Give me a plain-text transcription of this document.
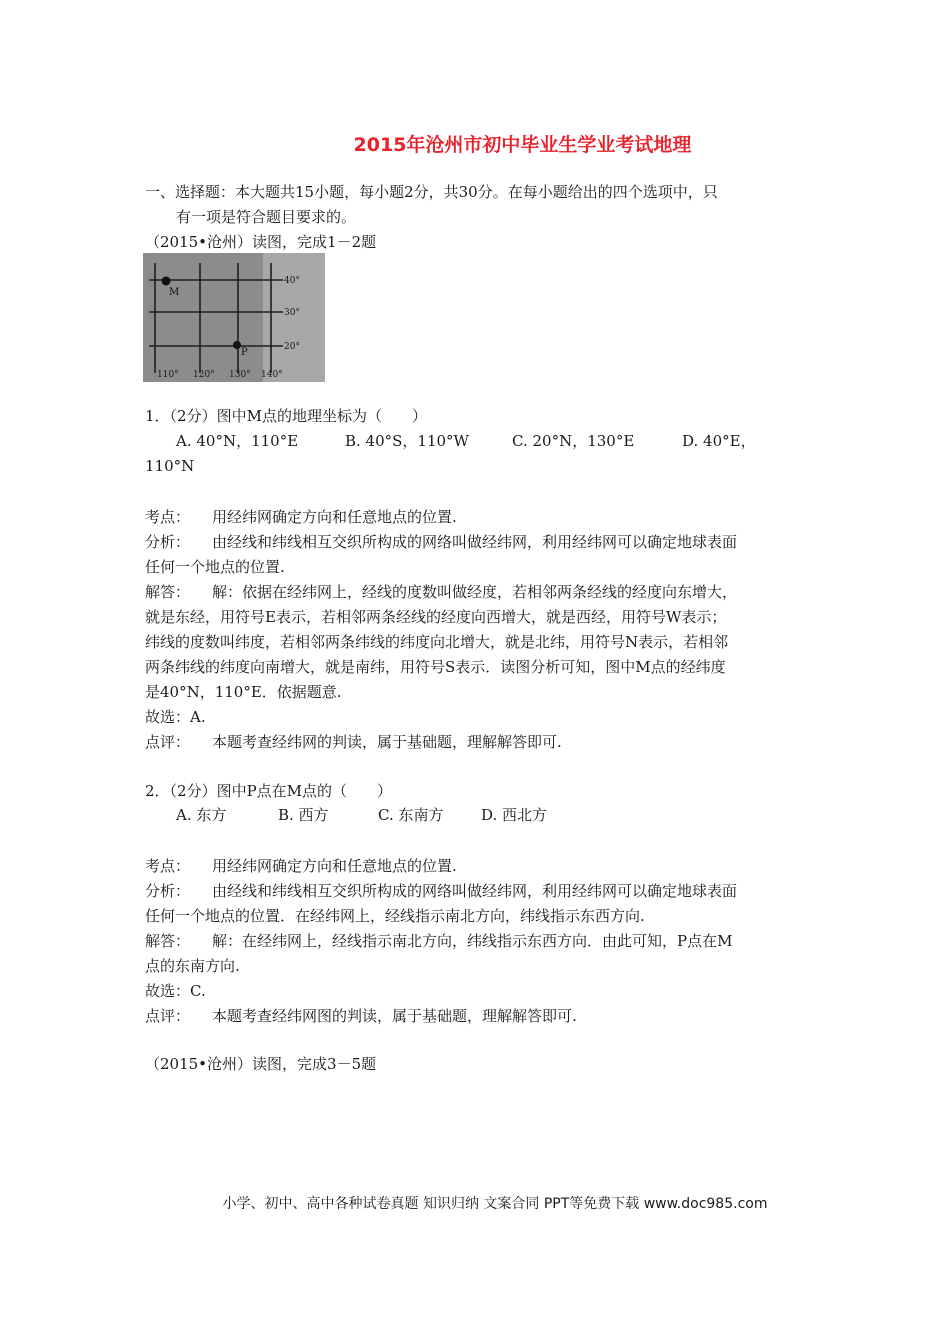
2015年沧州市初中毕业生学业考试地理
一、选择题：本大题共15小题，每小题2分，共30分。在每小题给出的四个选项中，只
有一项是符合题目要求的。
（2015•沧州）读图，完成1－2题
M
P
40°
30°
20°
110° 120° 130° 140°
1．（2分）图中M点的地理坐标为（　　）
A. 40°N，110°E	B. 40°S，110°W	C. 20°N，130°E	D. 40°E，
110°N
考点： 用经纬网确定方向和任意地点的位置.
分析： 由经线和纬线相互交织所构成的网络叫做经纬网，利用经纬网可以确定地球表面
任何一个地点的位置.
解答： 解：依据在经纬网上，经线的度数叫做经度，若相邻两条经线的经度向东增大，
就是东经，用符号E表示，若相邻两条经线的经度向西增大，就是西经，用符号W表示；
纬线的度数叫纬度，若相邻两条纬线的纬度向北增大，就是北纬，用符号N表示，若相邻
两条纬线的纬度向南增大，就是南纬，用符号S表示．读图分析可知，图中M点的经纬度
是40°N，110°E．依据题意.
故选：A.
点评： 本题考查经纬网的判读，属于基础题，理解解答即可.
2．（2分）图中P点在M点的（　　）
A. 东方	B. 西方	C. 东南方	D. 西北方
考点： 用经纬网确定方向和任意地点的位置.
分析： 由经线和纬线相互交织所构成的网络叫做经纬网，利用经纬网可以确定地球表面
任何一个地点的位置．在经纬网上，经线指示南北方向，纬线指示东西方向.
解答： 解：在经纬网上，经线指示南北方向，纬线指示东西方向．由此可知，P点在M
点的东南方向.
故选：C.
点评： 本题考查经纬网图的判读，属于基础题，理解解答即可.
（2015•沧州）读图，完成3－5题
小学、初中、高中各种试卷真题 知识归纳 文案合同 PPT等免费下载 www.doc985.com
